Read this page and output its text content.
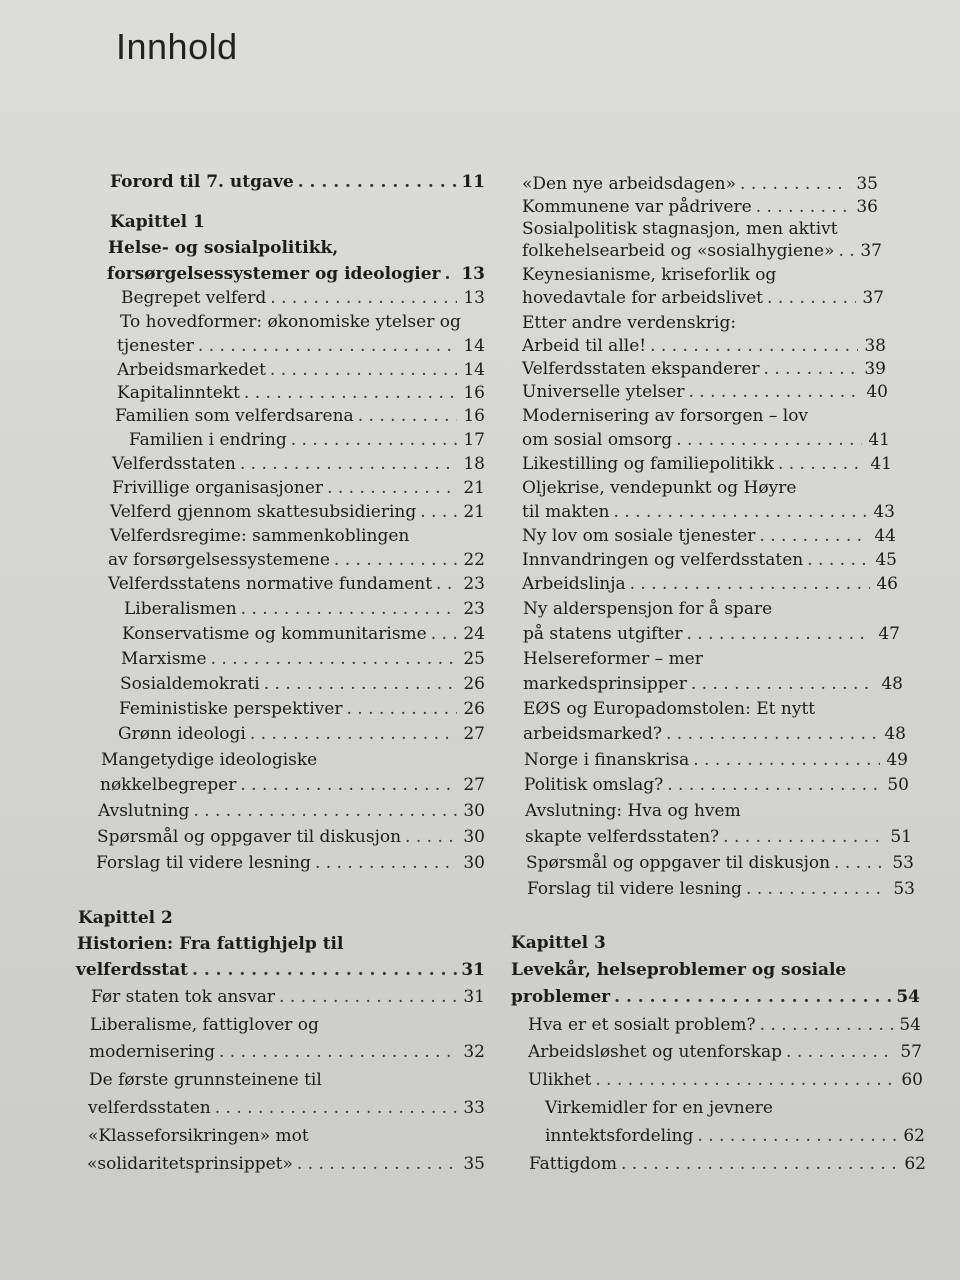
Innhold
Forord til 7. utgave . . .	11
Kapittel 1
Helse- og sosialpolitikk,
forsørgelsessystemer og ideologier . . . 13
Begrepet velferd . . .	13
To hovedformer: økonomiske ytelser og
tjenester . . .	14
Arbeidsmarkedet . . .	14
Kapitalinntekt . . .	16
Familien som velferdsarena . . .	16
Familien i endring . . .	17
Velferdsstaten . . .	18
Frivillige organisasjoner . . .	21
Velferd gjennom skattesubsidiering . . .	21
Velferdsregime: sammenkoblingen
av forsørgelsessystemene . . .	22
Velferdsstatens normative fundament . . . 23
Liberalismen . . .	23
Konservatisme og kommunitarisme . . . 24
Marxisme . . .	25
Sosialdemokrati . . .	26
Feministiske perspektiver . . .	26
Grønn ideologi . . .	27
Mangetydige ideologiske
nøkkelbegreper . . .	27
Avslutning . . .	30
Spørsmål og oppgaver til diskusjon . . .	30
Forslag til videre lesning . . .	30
Kapittel 2
Historien: Fra fattighjelp til
velferdsstat . . .	31
Før staten tok ansvar . . .	31
Liberalisme, fattiglover og
modernisering . . .	32
De første grunnsteinene til
velferdsstaten . . .	33
«Klasseforsikringen» mot
«solidaritetsprinsippet» . . .	35
«Den nye arbeidsdagen» . . .	35
Kommunene var pådrivere . . .	36
Sosialpolitisk stagnasjon, men aktivt
folkehelsearbeid og «sosialhygiene» . . . 37
Keynesianisme, kriseforlik og
hovedavtale for arbeidslivet . . .	37
Etter andre verdenskrig:
Arbeid til alle! . . .	38
Velferdsstaten ekspanderer . . .	39
Universelle ytelser . . .	40
Modernisering av forsorgen – lov
om sosial omsorg . . .	41
Likestilling og familiepolitikk . . .	41
Oljekrise, vendepunkt og Høyre
til makten . . .	43
Ny lov om sosiale tjenester . . .	44
Innvandringen og velferdsstaten . . .	45
Arbeidslinja . . .	46
Ny alderspensjon for å spare
på statens utgifter . . .	47
Helsereformer – mer
markedsprinsipper . . .	48
EØS og Europadomstolen: Et nytt
arbeidsmarked? . . .	48
Norge i finanskrisa . . .	49
Politisk omslag? . . .	50
Avslutning: Hva og hvem
skapte velferdsstaten? . . .	51
Spørsmål og oppgaver til diskusjon . . .	53
Forslag til videre lesning . . .	53
Kapittel 3
Levekår, helseproblemer og sosiale
problemer . . .	54
Hva er et sosialt problem? . . .	54
Arbeidsløshet og utenforskap . . .	57
Ulikhet . . .	60
Virkemidler for en jevnere
inntektsfordeling . . .	62
Fattigdom . . .	62
